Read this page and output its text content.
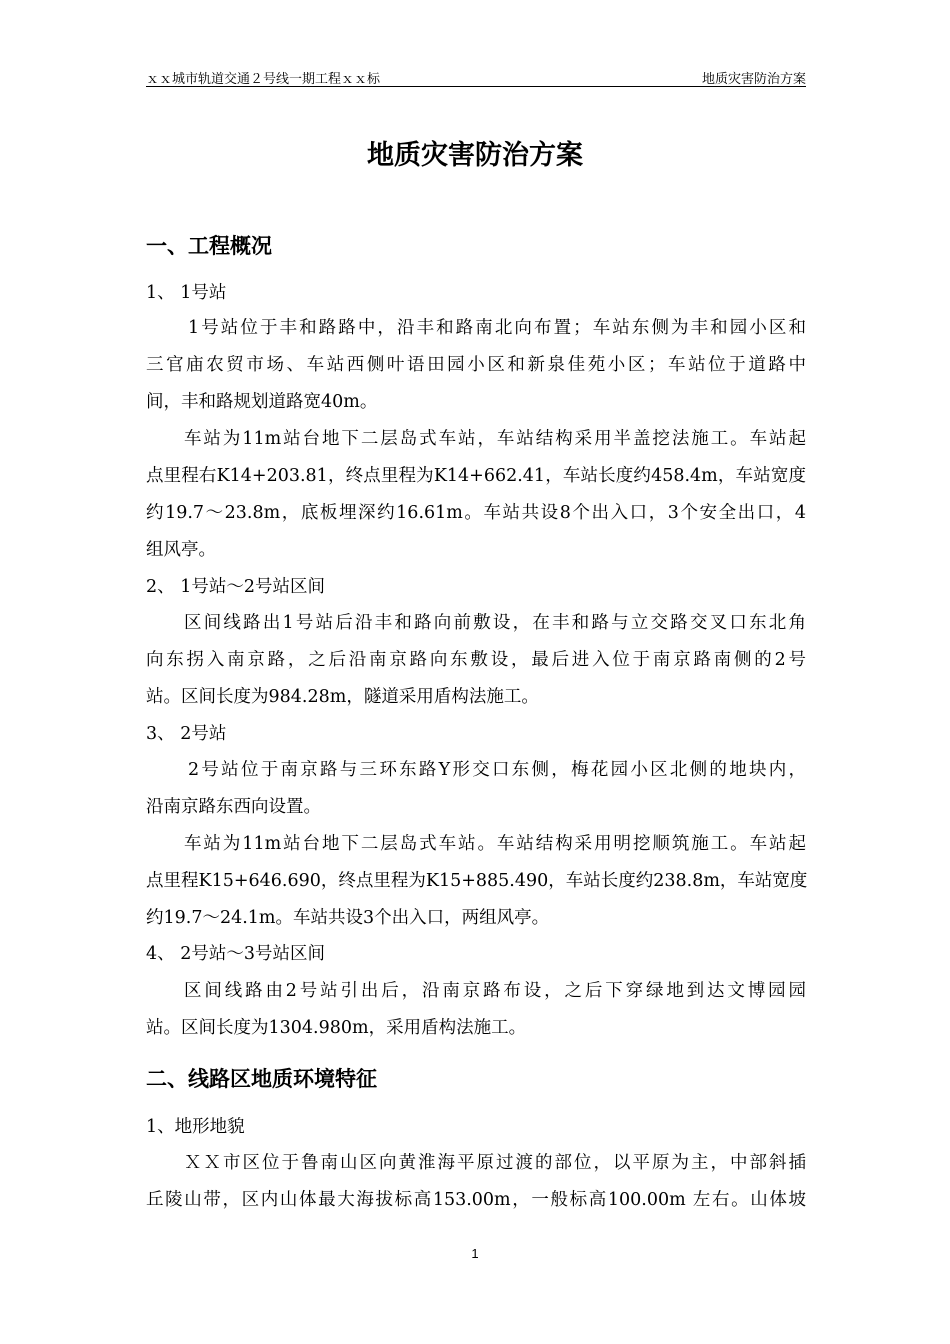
ｘｘ城市轨道交通２号线一期工程ｘｘ标	地质灾害防治方案
地质灾害防治方案
一、工程概况
1、 1号站
1号站位于丰和路路中，沿丰和路南北向布置；车站东侧为丰和园小区和
三官庙农贸市场、车站西侧叶语田园小区和新泉佳苑小区；车站位于道路中
间，丰和路规划道路宽40m。
车站为11m站台地下二层岛式车站，车站结构采用半盖挖法施工。车站起
点里程右K14+203.81，终点里程为K14+662.41，车站长度约458.4m，车站宽度
约19.7～23.8m，底板埋深约16.61m。车站共设8个出入口，3个安全出口，4
组风亭。
2、 1号站～2号站区间
区间线路出1号站后沿丰和路向前敷设，在丰和路与立交路交叉口东北角
向东拐入南京路，之后沿南京路向东敷设，最后进入位于南京路南侧的2号
站。区间长度为984.28m，隧道采用盾构法施工。
3、 2号站
2号站位于南京路与三环东路Y形交口东侧，梅花园小区北侧的地块内，
沿南京路东西向设置。
车站为11m站台地下二层岛式车站。车站结构采用明挖顺筑施工。车站起
点里程K15+646.690，终点里程为K15+885.490，车站长度约238.8m，车站宽度
约19.7～24.1m。车站共设3个出入口，两组风亭。
4、 2号站～3号站区间
区间线路由2号站引出后，沿南京路布设，之后下穿绿地到达文博园园
站。区间长度为1304.980m，采用盾构法施工。
二、线路区地质环境特征
1、地形地貌
ＸＸ市区位于鲁南山区向黄淮海平原过渡的部位，以平原为主，中部斜插
丘陵山带，区内山体最大海拔标高153.00m，一般标高100.00m 左右。山体坡
1
